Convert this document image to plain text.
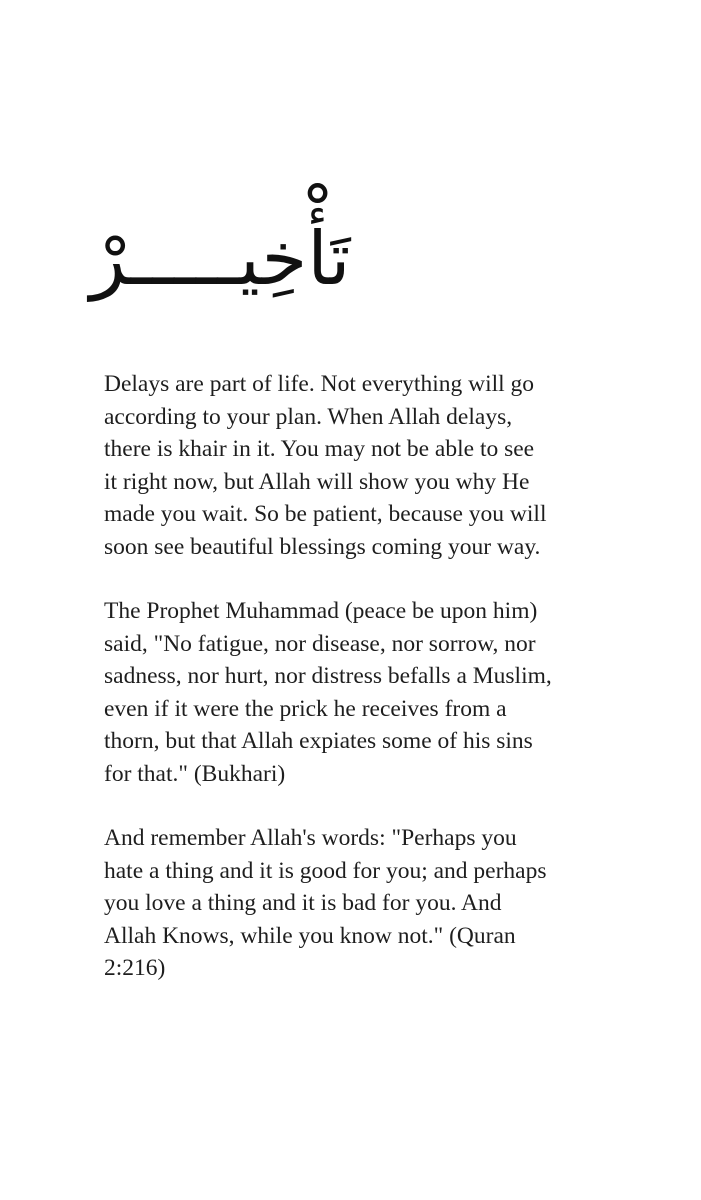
تَأْخِيـــــرْ

Delays are part of life. Not everything will go
according to your plan. When Allah delays,
there is khair in it. You may not be able to see
it right now, but Allah will show you why He
made you wait. So be patient, because you will
soon see beautiful blessings coming your way.

The Prophet Muhammad (peace be upon him)
said, "No fatigue, nor disease, nor sorrow, nor
sadness, nor hurt, nor distress befalls a Muslim,
even if it were the prick he receives from a
thorn, but that Allah expiates some of his sins
for that." (Bukhari)

And remember Allah's words: "Perhaps you
hate a thing and it is good for you; and perhaps
you love a thing and it is bad for you. And
Allah Knows, while you know not." (Quran
2:216)
